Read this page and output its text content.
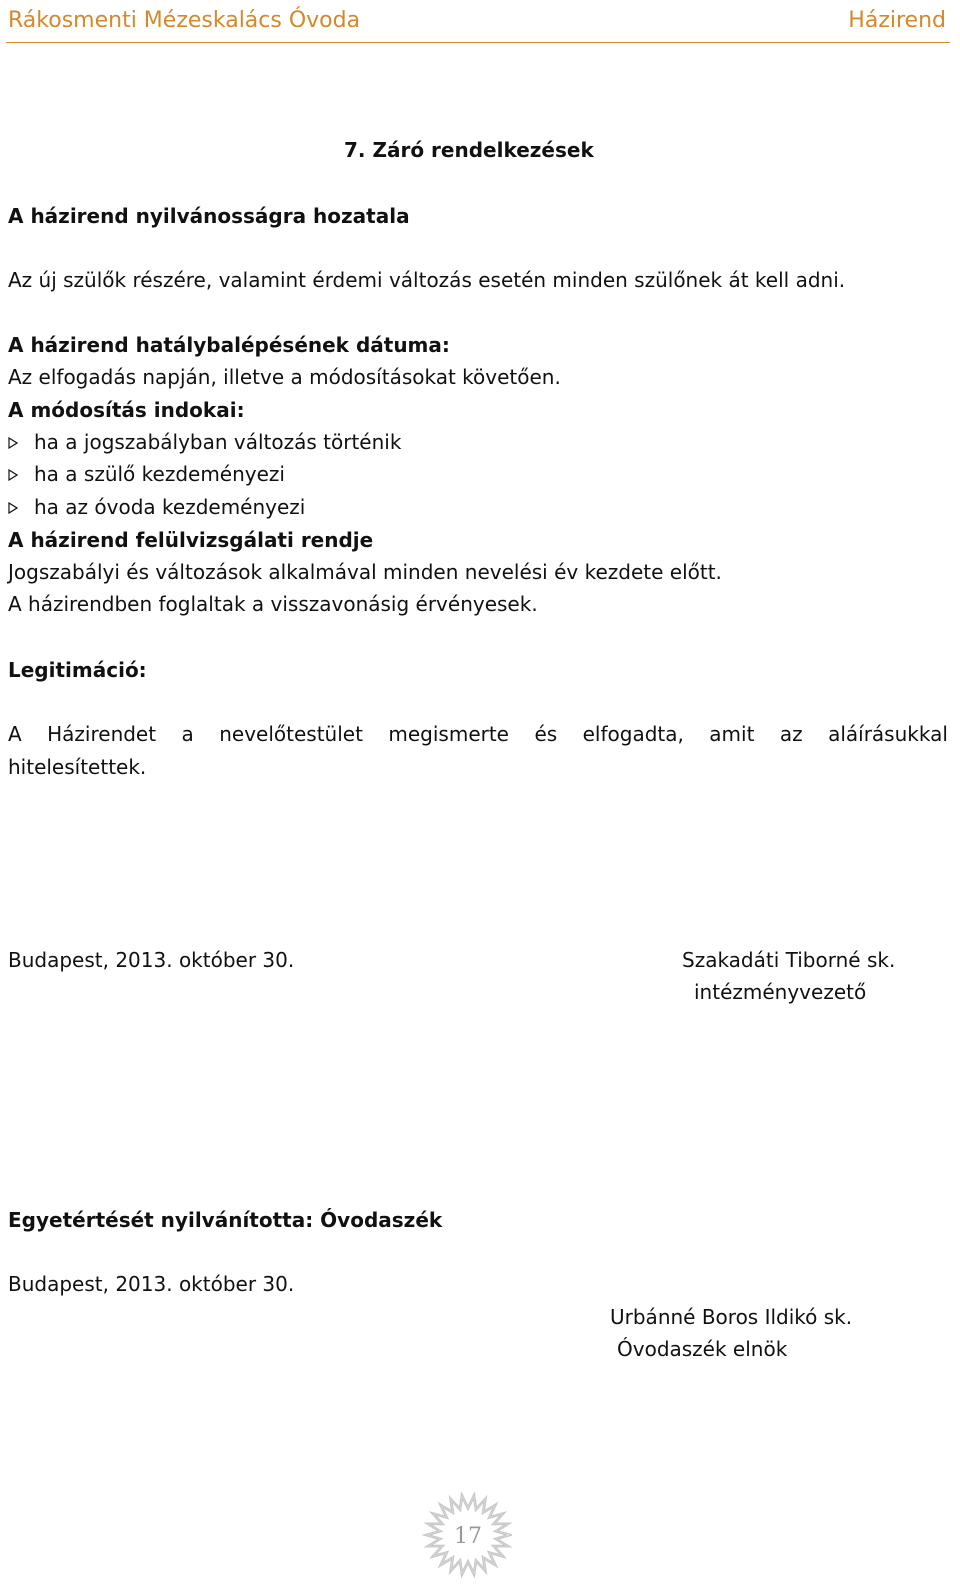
Rákosmenti Mézeskalács Óvoda	Házirend
7. Záró rendelkezések
A házirend nyilvánosságra hozatala
Az új szülők részére, valamint érdemi változás esetén minden szülőnek át kell adni.
A házirend hatálybalépésének dátuma:
Az elfogadás napján, illetve a módosításokat követően.
A módosítás indokai:
ha a jogszabályban változás történik
ha a szülő kezdeményezi
ha az óvoda kezdeményezi
A házirend felülvizsgálati rendje
Jogszabályi és változások alkalmával minden nevelési év kezdete előtt.
A házirendben foglaltak a visszavonásig érvényesek.
Legitimáció:
A Házirendet a nevelőtestület megismerte és elfogadta, amit az aláírásukkal
hitelesítettek.
Budapest, 2013. október 30.	Szakadáti Tiborné sk.
intézményvezető
Egyetértését nyilvánította: Óvodaszék
Budapest, 2013. október 30.
Urbánné Boros Ildikó sk.
Óvodaszék elnök
17
